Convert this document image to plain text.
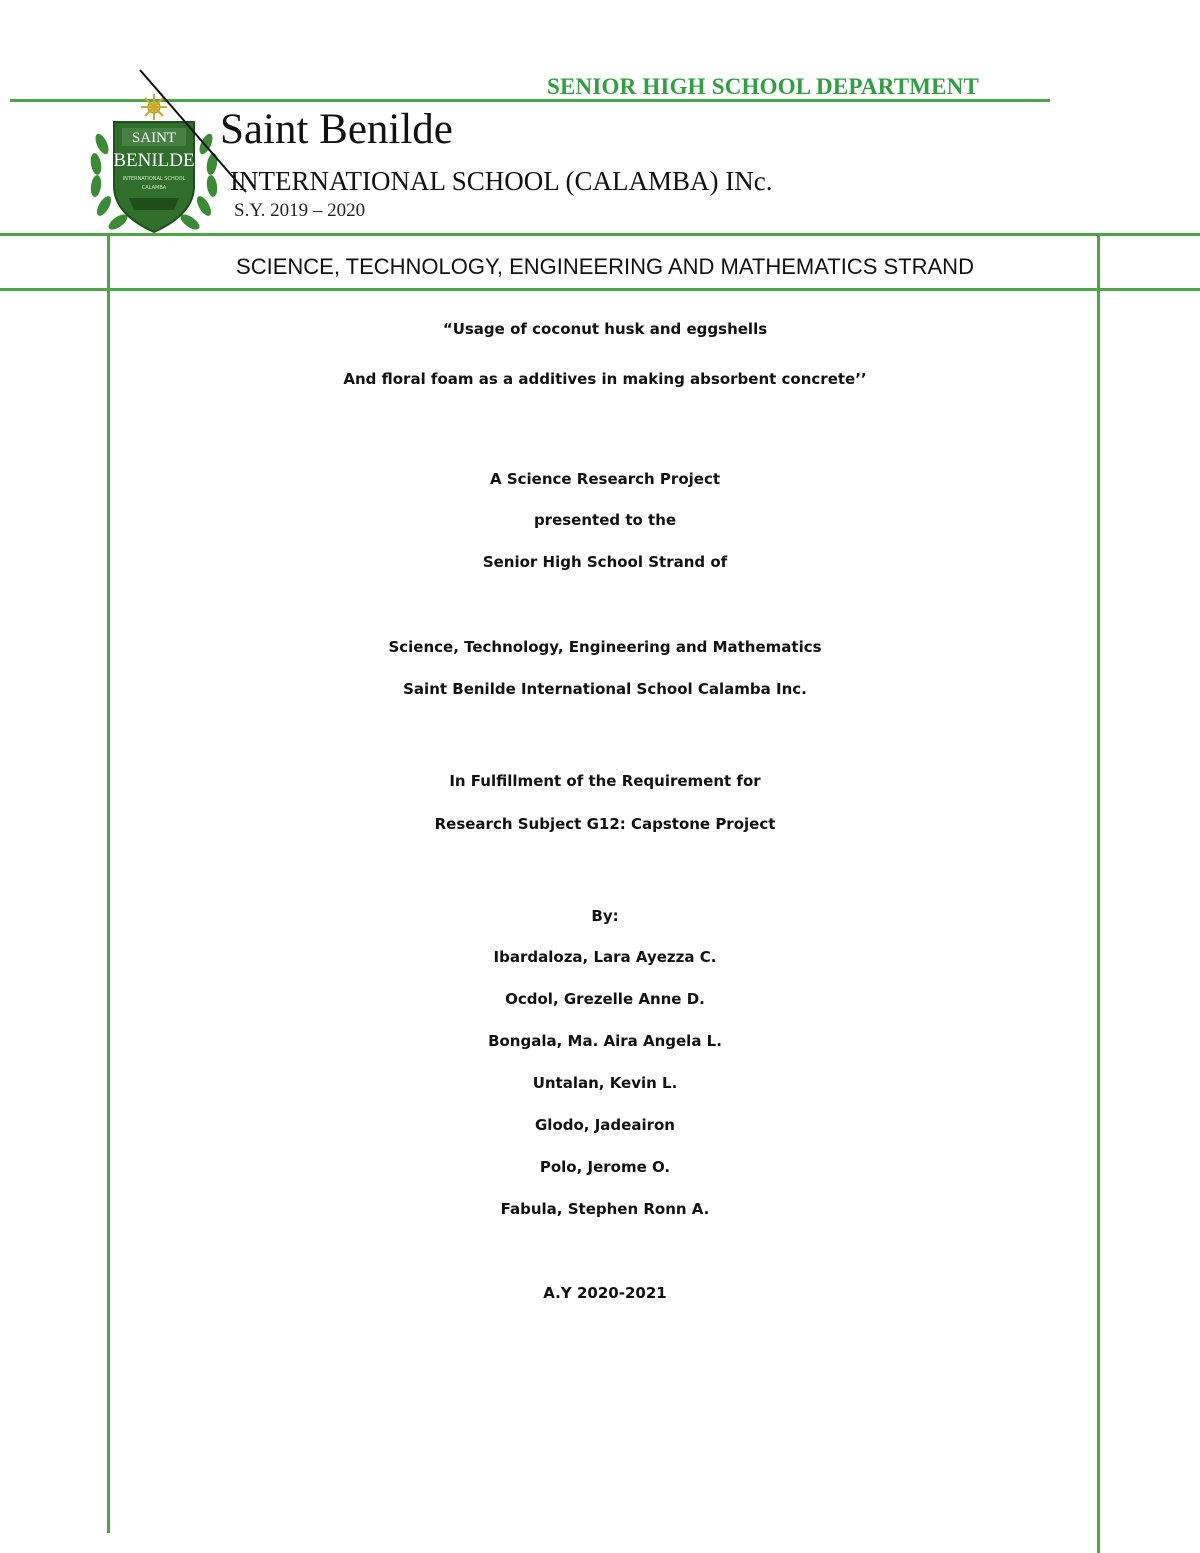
SENIOR HIGH SCHOOL DEPARTMENT
SAINT
BENILDE
INTERNATIONAL SCHOOL
CALAMBA
Saint Benilde
INTERNATIONAL SCHOOL (CALAMBA) INc.
S.Y. 2019 – 2020
SCIENCE, TECHNOLOGY, ENGINEERING AND MATHEMATICS STRAND
“Usage of coconut husk and eggshells
And floral foam as a additives in making absorbent concrete’’
A Science Research Project
presented to the
Senior High School Strand of
Science, Technology, Engineering and Mathematics
Saint Benilde International School Calamba Inc.
In Fulfillment of the Requirement for
Research Subject G12: Capstone Project
By:
Ibardaloza, Lara Ayezza C.
Ocdol, Grezelle Anne D.
Bongala, Ma. Aira Angela L.
Untalan, Kevin L.
Glodo, Jadeairon
Polo, Jerome O.
Fabula, Stephen Ronn A.
A.Y 2020-2021
